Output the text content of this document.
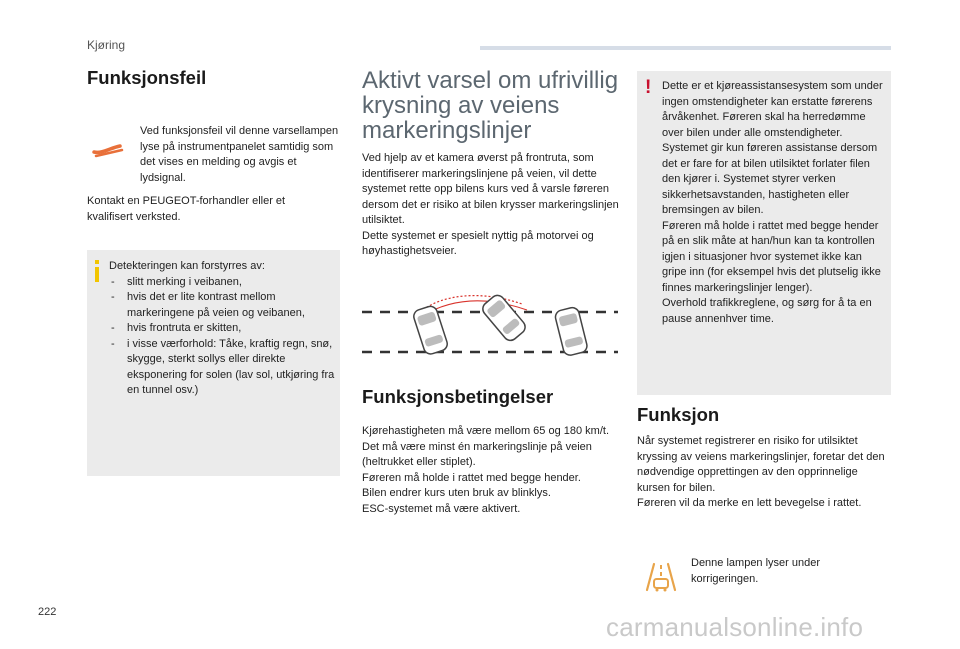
Kjøring
222	carmanualsonline.info
Funksjonsfeil
Ved funksjonsfeil vil denne varsellampen lyse på instrumentpanelet samtidig som det vises en melding og avgis et lydsignal.
Kontakt en PEUGEOT-forhandler eller et kvalifisert verksted.

Detekteringen kan forstyrres av:

- slitt merking i veibanen,
- hvis det er lite kontrast mellom markeringene på veien og veibanen,
- hvis frontruta er skitten,
- i visse værforhold: Tåke, kraftig regn, snø, skygge, sterkt sollys eller direkte eksponering for solen (lav sol, utkjøring fra en tunnel osv.)
Aktivt varsel om ufrivillig krysning av veiens markeringslinjer

Ved hjelp av et kamera øverst på frontruta, som identifiserer markeringslinjene på veien, vil dette systemet rette opp bilens kurs ved å varsle føreren dersom det er risiko at bilen krysser markeringslinjen utilsiktet.

Dette systemet er spesielt nyttig på motorvei og høyhastighetsveier.

Funksjonsbetingelser

Kjørehastigheten må være mellom 65 og 180 km/t.

Det må være minst én markeringslinje på veien (heltrukket eller stiplet).

Føreren må holde i rattet med begge hender.

Bilen endrer kurs uten bruk av blinklys.

ESC-systemet må være aktivert.

! Dette er et kjøreassistansesystem som under ingen omstendigheter kan erstatte førerens årvåkenhet. Føreren skal ha herredømme over bilen under alle omstendigheter.

Systemet gir kun føreren assistanse dersom det er fare for at bilen utilsiktet forlater filen den kjører i. Systemet styrer verken sikkerhetsavstanden, hastigheten eller bremsingen av bilen.

Føreren må holde i rattet med begge hender på en slik måte at han/hun kan ta kontrollen igjen i situasjoner hvor systemet ikke kan gripe inn (for eksempel hvis det plutselig ikke finnes markeringslinjer lenger).

Overhold trafikkreglene, og sørg for å ta en pause annenhver time.

Funksjon

Når systemet registrerer en risiko for utilsiktet kryssing av veiens markeringslinjer, foretar det den nødvendige opprettingen av den opprinnelige kursen for bilen.

Føreren vil da merke en lett bevegelse i rattet.

Denne lampen lyser under korrigeringen.
